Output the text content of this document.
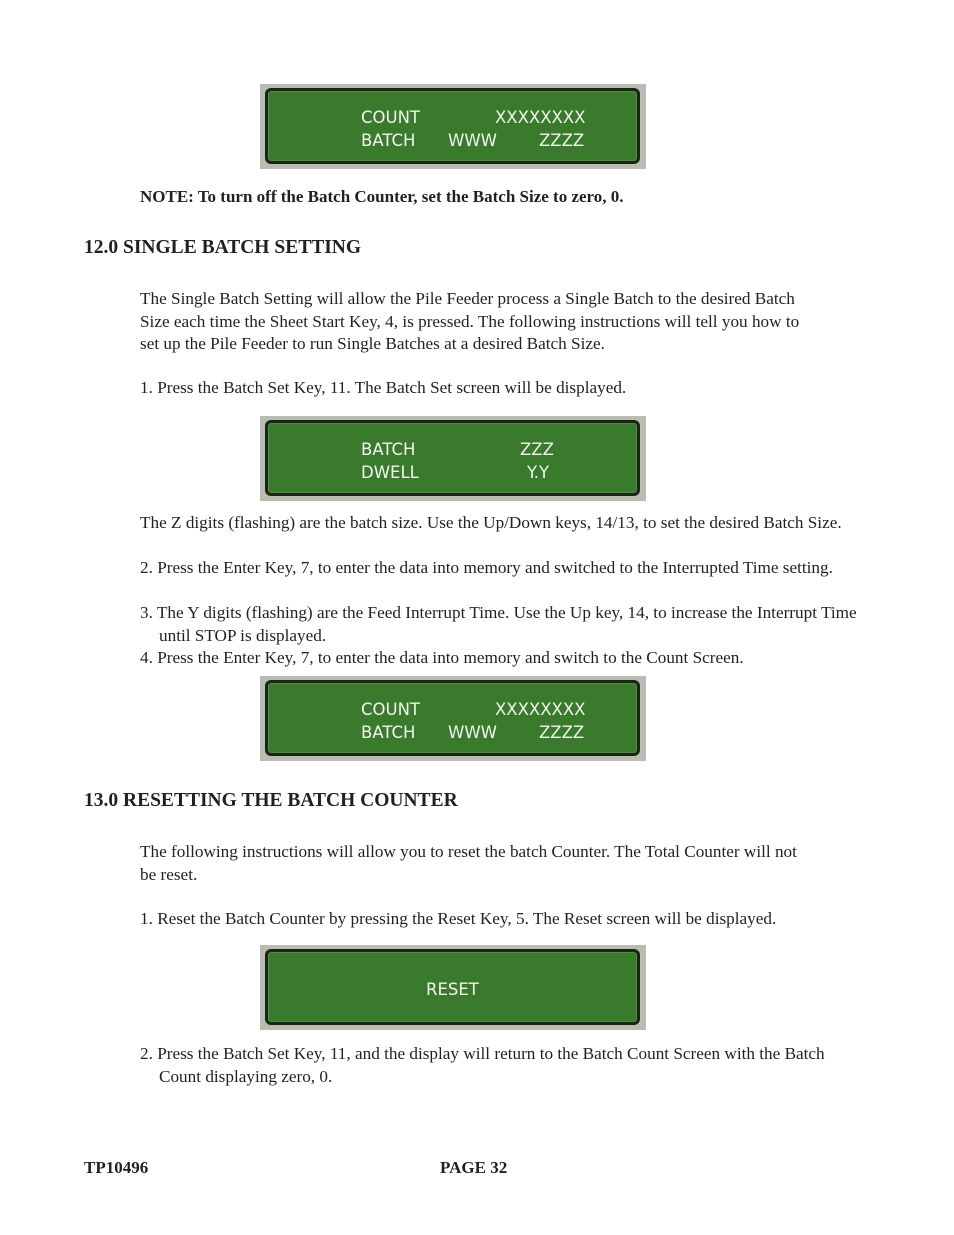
COUNT	XXXXXXXX
BATCH WWW	ZZZZ
NOTE: To turn off the Batch Counter, set the Batch Size to zero, 0.
12.0 SINGLE BATCH SETTING
The Single Batch Setting will allow the Pile Feeder process a Single Batch to the desired Batch
Size each time the Sheet Start Key, 4, is pressed. The following instructions will tell you how to
set up the Pile Feeder to run Single Batches at a desired Batch Size.
1. Press the Batch Set Key, 11. The Batch Set screen will be displayed.
BATCH	ZZZ
DWELL	Y.Y
The Z digits (flashing) are the batch size. Use the Up/Down keys, 14/13, to set the desired Batch Size.
2. Press the Enter Key, 7, to enter the data into memory and switched to the Interrupted Time setting.
3. The Y digits (flashing) are the Feed Interrupt Time. Use the Up key, 14, to increase the Interrupt Time until STOP is displayed.
4. Press the Enter Key, 7, to enter the data into memory and switch to the Count Screen.
COUNT	XXXXXXXX
BATCH WWW	ZZZZ
13.0 RESETTING THE BATCH COUNTER
The following instructions will allow you to reset the batch Counter. The Total Counter will not
be reset.
1. Reset the Batch Counter by pressing the Reset Key, 5. The Reset screen will be displayed.
RESET
2. Press the Batch Set Key, 11, and the display will return to the Batch Count Screen with the Batch Count displaying zero, 0.
TP10496	PAGE 32
